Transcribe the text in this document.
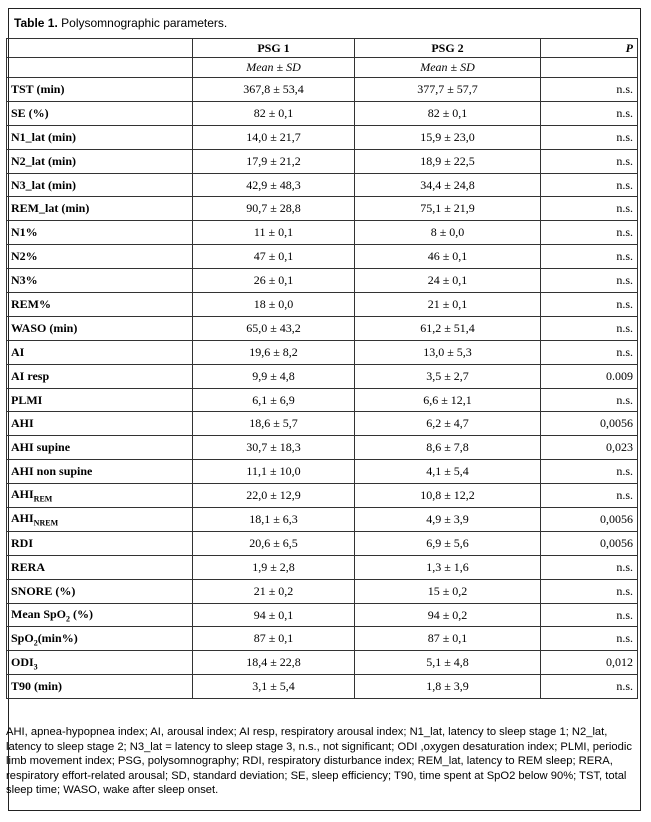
Table 1. Polysomnographic parameters.
	PSG 1	PSG 2	P
	Mean ± SD	Mean ± SD	
TST (min)	367,8 ± 53,4	377,7 ± 57,7	n.s.
SE (%)	82 ± 0,1	82 ± 0,1	n.s.
N1_lat (min)	14,0 ± 21,7	15,9 ± 23,0	n.s.
N2_lat (min)	17,9 ± 21,2	18,9 ± 22,5	n.s.
N3_lat (min)	42,9 ± 48,3	34,4 ± 24,8	n.s.
REM_lat (min)	90,7 ± 28,8	75,1 ± 21,9	n.s.
N1%	11 ± 0,1	8 ± 0,0	n.s.
N2%	47 ± 0,1	46 ± 0,1	n.s.
N3%	26 ± 0,1	24 ± 0,1	n.s.
REM%	18 ± 0,0	21 ± 0,1	n.s.
WASO (min)	65,0 ± 43,2	61,2 ± 51,4	n.s.
AI	19,6 ± 8,2	13,0 ± 5,3	n.s.
AI resp	9,9 ± 4,8	3,5 ± 2,7	0.009
PLMI	6,1 ± 6,9	6,6 ± 12,1	n.s.
AHI	18,6 ± 5,7	6,2 ± 4,7	0,0056
AHI supine	30,7 ± 18,3	8,6 ± 7,8	0,023
AHI non supine	11,1 ± 10,0	4,1 ± 5,4	n.s.
$AHI_{REM}$	22,0 ± 12,9	10,8 ± 12,2	n.s.
$AHI_{NREM}$	18,1 ± 6,3	4,9 ± 3,9	0,0056
RDI	20,6 ± 6,5	6,9 ± 5,6	0,0056
RERA	1,9 ± 2,8	1,3 ± 1,6	n.s.
SNORE (%)	21 ± 0,2	15 ± 0,2	n.s.
Mean SpO$_2$ (%)	94 ± 0,1	94 ± 0,2	n.s.
SpO$_2$(min%)	87 ± 0,1	87 ± 0,1	n.s.
$ODI_3$	18,4 ± 22,8	5,1 ± 4,8	0,012
T90 (min)	3,1 ± 5,4	1,8 ± 3,9	n.s.
AHI, apnea-hypopnea index; AI, arousal index; AI resp, respiratory arousal index; N1_lat, latency to sleep stage 1; N2_lat, latency to sleep stage 2; N3_lat = latency to sleep stage 3, n.s., not significant; ODI ,oxygen desaturation index; PLMI, periodic limb movement index; PSG, polysomnography; RDI, respiratory disturbance index; REM_lat, latency to REM sleep; RERA, respiratory effort-related arousal; SD, standard deviation; SE, sleep efficiency; T90, time spent at SpO2 below 90%; TST, total sleep time; WASO, wake after sleep onset.
